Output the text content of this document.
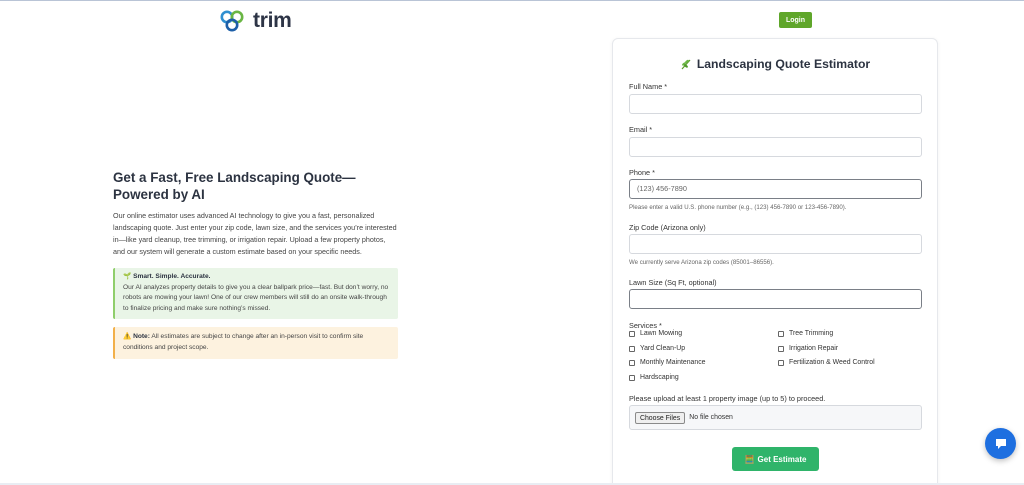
trim	Login
Get a Fast, Free Landscaping Quote—Powered by AI

Our online estimator uses advanced AI technology to give you a fast, personalized landscaping quote. Just enter your zip code, lawn size, and the services you’re interested in—like yard cleanup, tree trimming, or irrigation repair. Upload a few property photos, and our system will generate a custom estimate based on your specific needs.

🌱 Smart. Simple. Accurate.
Our AI analyzes property details to give you a clear ballpark price—fast. But don’t worry, no robots are mowing your lawn! One of our crew members will still do an onsite walk-through to finalize pricing and make sure nothing’s missed.
⚠️ Note: All estimates are subject to change after an in-person visit to confirm site conditions and project scope.
Landscaping Quote Estimator
Full Name *
Email *
Phone *
(123) 456-7890
Please enter a valid U.S. phone number (e.g., (123) 456-7890 or 123-456-7890).
Zip Code (Arizona only)
We currently serve Arizona zip codes (85001–86556).
Lawn Size (Sq Ft, optional)
Services *
Lawn Mowing	Tree Trimming
Yard Clean-Up	Irrigation Repair
Monthly Maintenance	Fertilization & Weed Control
Hardscaping
Please upload at least 1 property image (up to 5) to proceed.
Choose Files	No file chosen
🧮 Get Estimate
